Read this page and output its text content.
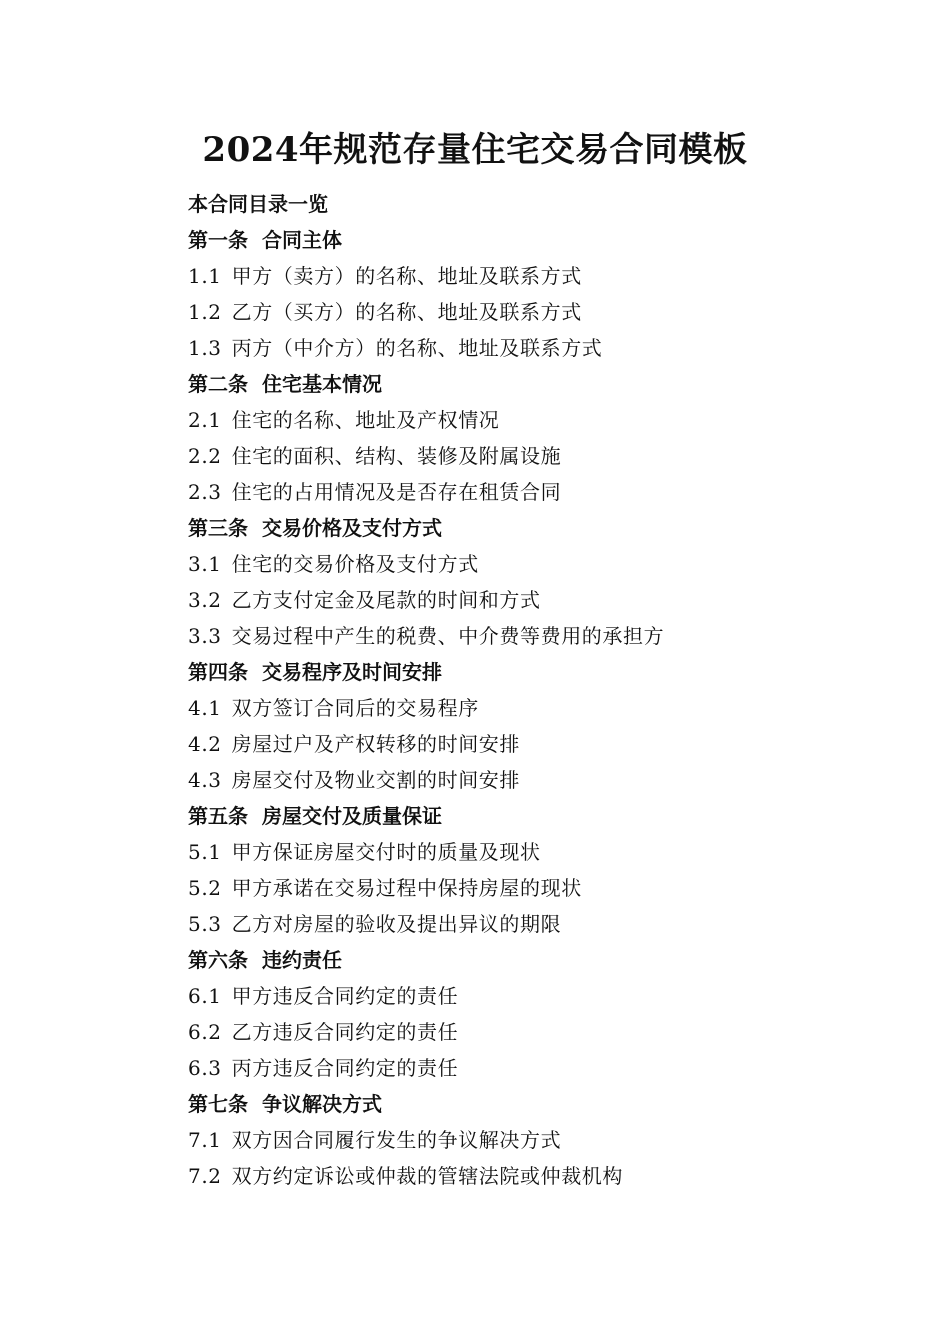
2024年规范存量住宅交易合同模板
本合同目录一览
第一条 合同主体
1.1 甲方（卖方）的名称、地址及联系方式
1.2 乙方（买方）的名称、地址及联系方式
1.3 丙方（中介方）的名称、地址及联系方式
第二条 住宅基本情况
2.1 住宅的名称、地址及产权情况
2.2 住宅的面积、结构、装修及附属设施
2.3 住宅的占用情况及是否存在租赁合同
第三条 交易价格及支付方式
3.1 住宅的交易价格及支付方式
3.2 乙方支付定金及尾款的时间和方式
3.3 交易过程中产生的税费、中介费等费用的承担方
第四条 交易程序及时间安排
4.1 双方签订合同后的交易程序
4.2 房屋过户及产权转移的时间安排
4.3 房屋交付及物业交割的时间安排
第五条 房屋交付及质量保证
5.1 甲方保证房屋交付时的质量及现状
5.2 甲方承诺在交易过程中保持房屋的现状
5.3 乙方对房屋的验收及提出异议的期限
第六条 违约责任
6.1 甲方违反合同约定的责任
6.2 乙方违反合同约定的责任
6.3 丙方违反合同约定的责任
第七条 争议解决方式
7.1 双方因合同履行发生的争议解决方式
7.2 双方约定诉讼或仲裁的管辖法院或仲裁机构
